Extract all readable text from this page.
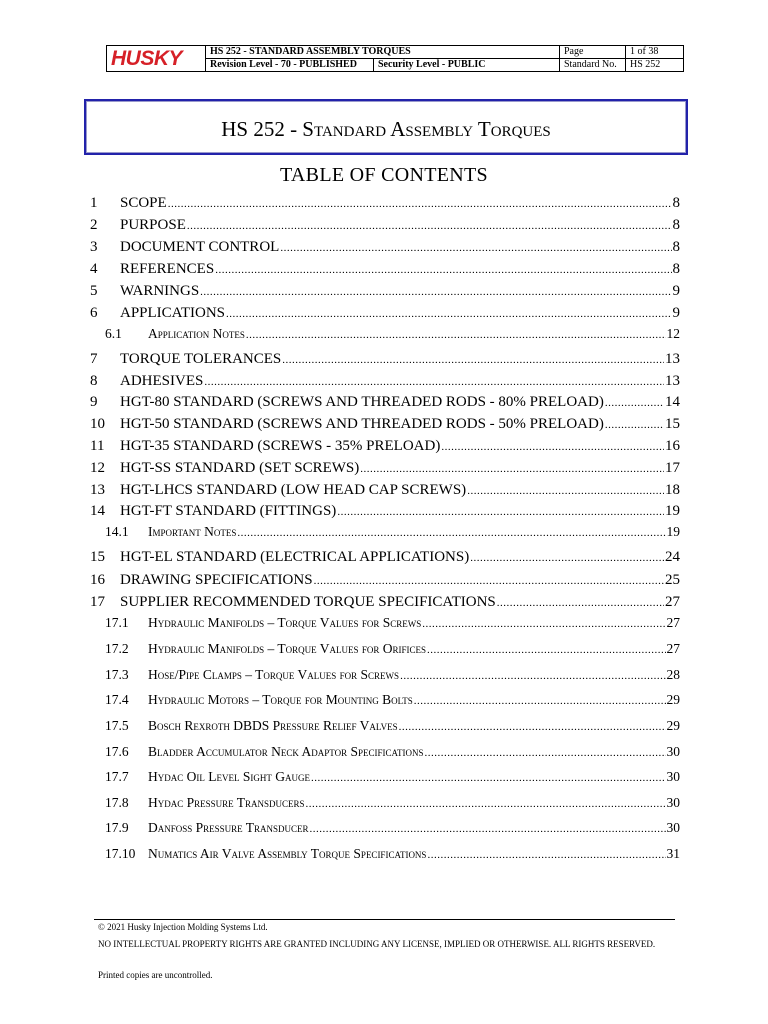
HUSKY	HS 252 - STANDARD ASSEMBLY TORQUES
Revision Level - 70 - PUBLISHED	Security Level - PUBLIC
Page	1 of 38
Standard No.	HS 252
HS 252 - Standard Assembly Torques
TABLE OF CONTENTS
1	SCOPE .....	8
2	PURPOSE .....	8
3	DOCUMENT CONTROL .....	8
4	REFERENCES .....	8
5	WARNINGS .....	9
6	APPLICATIONS .....	9
6.1	Application Notes .....	12
7	TORQUE TOLERANCES .....	13
8	ADHESIVES .....	13
9	HGT-80 STANDARD (SCREWS AND THREADED RODS - 80% PRELOAD) .....	14
10	HGT-50 STANDARD (SCREWS AND THREADED RODS - 50% PRELOAD) .....	15
11	HGT-35 STANDARD (SCREWS - 35% PRELOAD) .....	16
12	HGT-SS STANDARD (SET SCREWS) .....	17
13	HGT-LHCS STANDARD (LOW HEAD CAP SCREWS) .....	18
14	HGT-FT STANDARD (FITTINGS) .....	19
14.1	Important Notes .....	19
15	HGT-EL STANDARD (ELECTRICAL APPLICATIONS) .....	24
16	DRAWING SPECIFICATIONS .....	25
17	SUPPLIER RECOMMENDED TORQUE SPECIFICATIONS .....	27
17.1	Hydraulic Manifolds – Torque Values for Screws .....	27
17.2	Hydraulic Manifolds – Torque Values for Orifices .....	27
17.3	Hose/Pipe Clamps – Torque Values for Screws .....	28
17.4	Hydraulic Motors – Torque for Mounting Bolts .....	29
17.5	Bosch Rexroth DBDS Pressure Relief Valves .....	29
17.6	Bladder Accumulator Neck Adaptor Specifications .....	30
17.7	Hydac Oil Level Sight Gauge .....	30
17.8	Hydac Pressure Transducers .....	30
17.9	Danfoss Pressure Transducer .....	30
17.10 Numatics Air Valve Assembly Torque Specifications .....	31
© 2021 Husky Injection Molding Systems Ltd.
NO INTELLECTUAL PROPERTY RIGHTS ARE GRANTED INCLUDING ANY LICENSE, IMPLIED OR OTHERWISE. ALL RIGHTS RESERVED.
Printed copies are uncontrolled.
